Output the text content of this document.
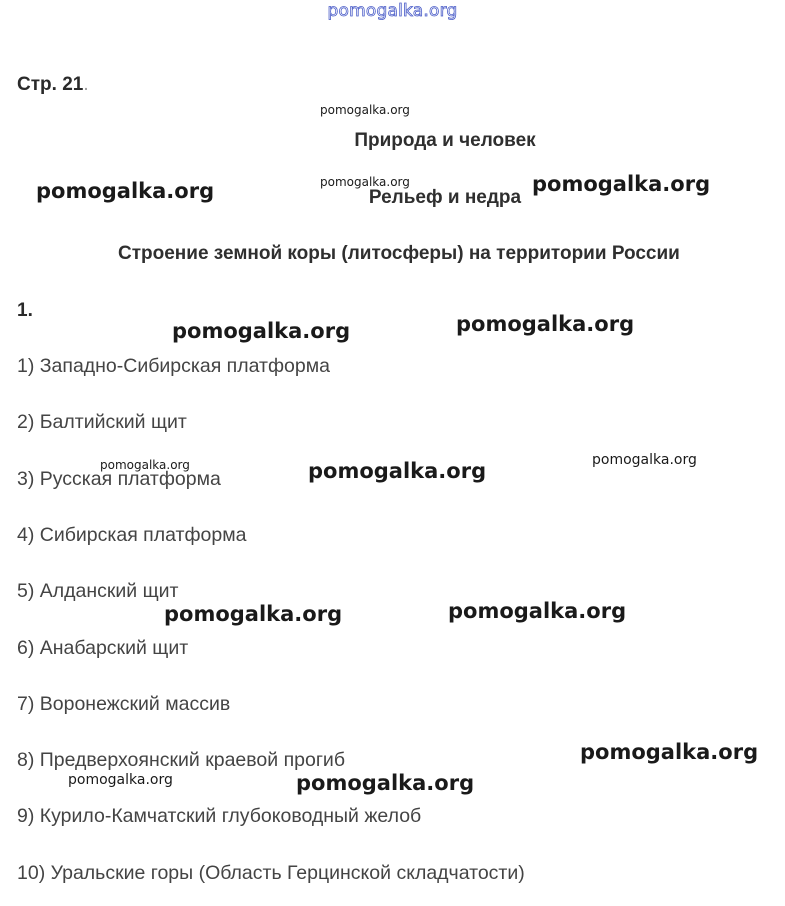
pomogalka.org
Стр. 21.
Природа и человек
Рельеф и недра
Строение земной коры (литосферы) на территории России
1.
1) Западно-Сибирская платформа
2) Балтийский щит
3) Русская платформа
4) Сибирская платформа
5) Алданский щит
6) Анабарский щит
7) Воронежский массив
8) Предверхоянский краевой прогиб
9) Курило-Камчатский глубоководный желоб
10) Уральские горы (Область Герцинской складчатости)
pomogalka.org
pomogalka.org
pomogalka.org	pomogalka.org
pomogalka.org
pomogalka.org	pomogalka.org
pomogalka.org	pomogalka.org
pomogalka.org
pomogalka.org	pomogalka.org
pomogalka.org
pomogalka.org
